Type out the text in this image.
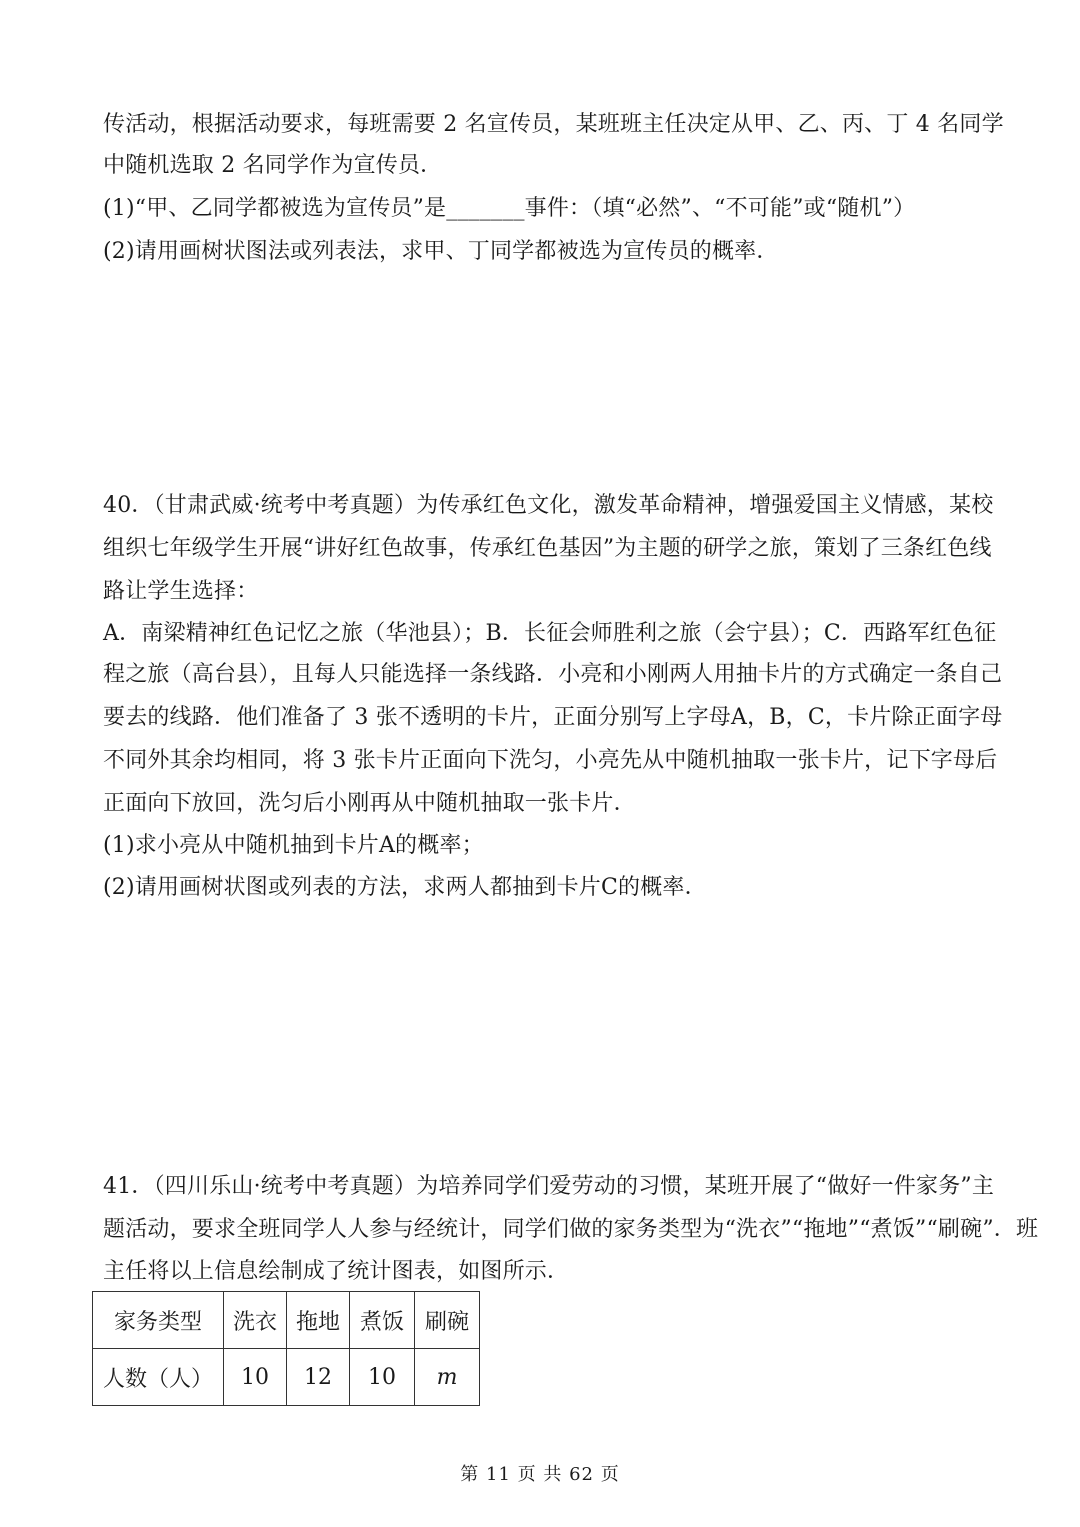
传活动，根据活动要求，每班需要 2 名宣传员，某班班主任决定从甲、乙、丙、丁 4 名同学
中随机选取 2 名同学作为宣传员．
(1)“甲、乙同学都被选为宣传员”是_______事件：（填“必然”、“不可能”或“随机”）
(2)请用画树状图法或列表法，求甲、丁同学都被选为宣传员的概率．
40．（甘肃武威·统考中考真题）为传承红色文化，激发革命精神，增强爱国主义情感，某校
组织七年级学生开展“讲好红色故事，传承红色基因”为主题的研学之旅，策划了三条红色线
路让学生选择：
A．南梁精神红色记忆之旅（华池县）；B．长征会师胜利之旅（会宁县）；C．西路军红色征
程之旅（高台县），且每人只能选择一条线路．小亮和小刚两人用抽卡片的方式确定一条自己
要去的线路．他们准备了 3 张不透明的卡片，正面分别写上字母A，B，C，卡片除正面字母
不同外其余均相同，将 3 张卡片正面向下洗匀，小亮先从中随机抽取一张卡片，记下字母后
正面向下放回，洗匀后小刚再从中随机抽取一张卡片．
(1)求小亮从中随机抽到卡片A的概率；
(2)请用画树状图或列表的方法，求两人都抽到卡片C的概率．
41．（四川乐山·统考中考真题）为培养同学们爱劳动的习惯，某班开展了“做好一件家务”主
题活动，要求全班同学人人参与经统计，同学们做的家务类型为“洗衣”“拖地”“煮饭”“刷碗”．班
主任将以上信息绘制成了统计图表，如图所示．
家务类型	洗衣	拖地	煮饭	刷碗
人数（人）	10	12	10	m
第 11 页 共 62 页
